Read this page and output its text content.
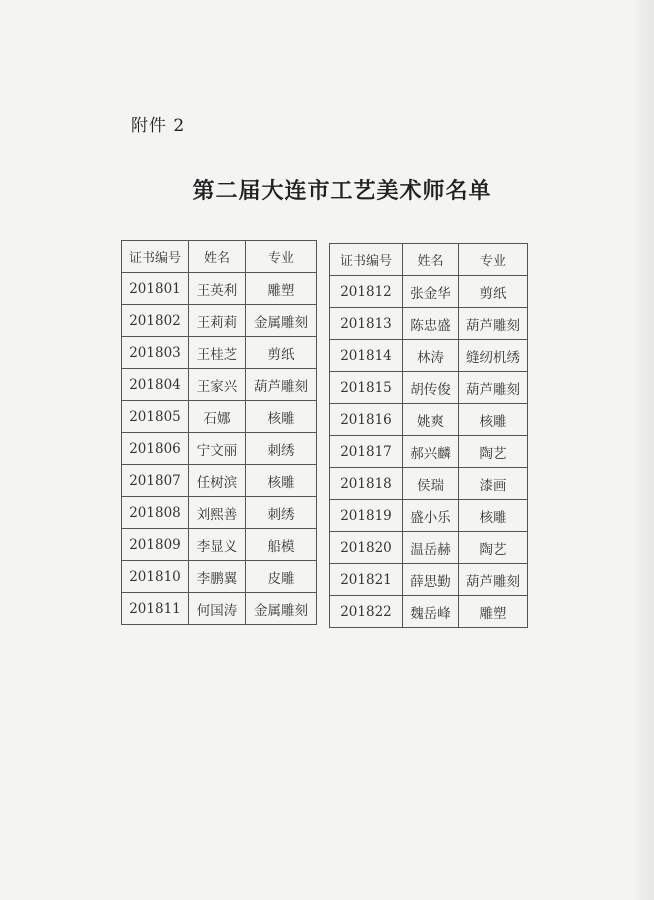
附件 2
第二届大连市工艺美术师名单
证书编号	姓名	专业
201801	王英利	雕塑
201802	王莉莉	金属雕刻
201803	王桂芝	剪纸
201804	王家兴	葫芦雕刻
201805	石娜	核雕
201806	宁文丽	刺绣
201807	任树滨	核雕
201808	刘熙善	刺绣
201809	李显义	船模
201810	李鹏翼	皮雕
201811	何国涛	金属雕刻
证书编号	姓名	专业
201812	张金华	剪纸
201813	陈忠盛	葫芦雕刻
201814	林涛	缝纫机绣
201815	胡传俊	葫芦雕刻
201816	姚爽	核雕
201817	郝兴麟	陶艺
201818	侯瑞	漆画
201819	盛小乐	核雕
201820	温岳赫	陶艺
201821	薛思勤	葫芦雕刻
201822	魏岳峰	雕塑
